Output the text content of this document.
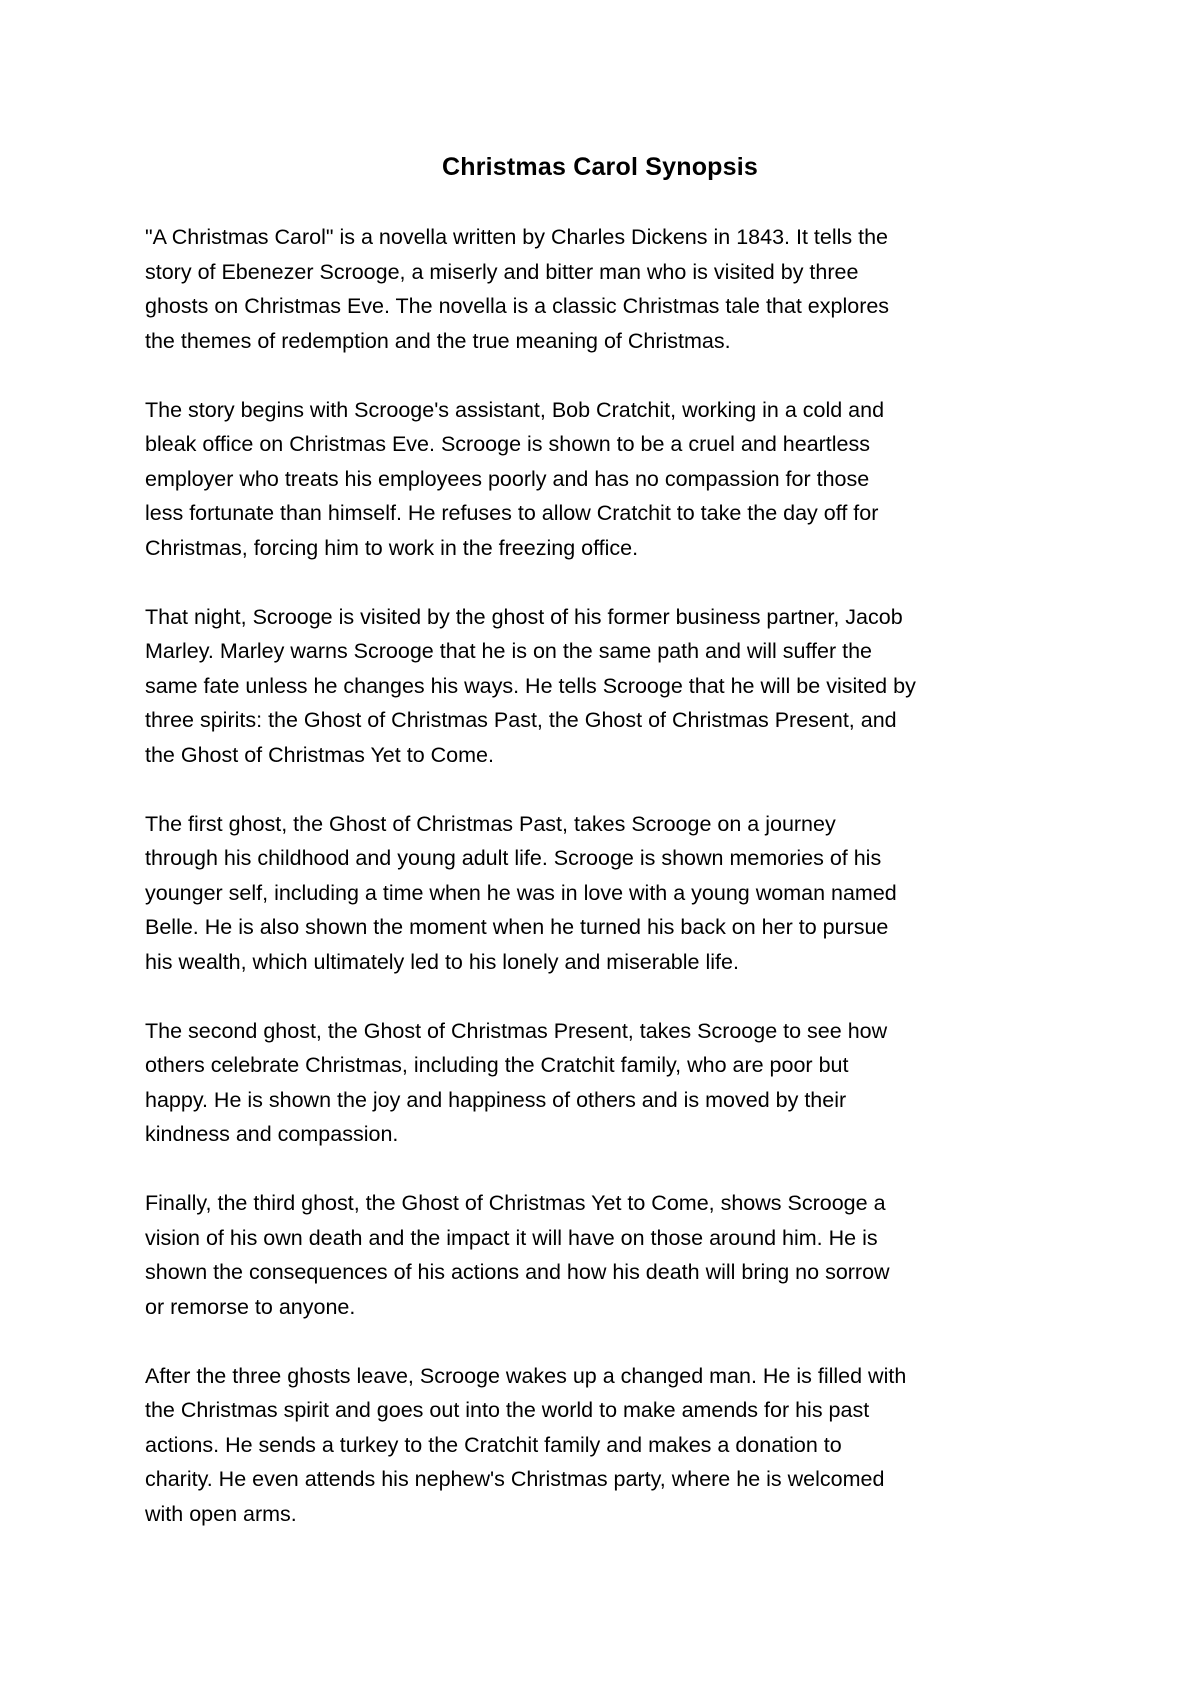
Christmas Carol Synopsis

"A Christmas Carol" is a novella written by Charles Dickens in 1843. It tells the
story of Ebenezer Scrooge, a miserly and bitter man who is visited by three
ghosts on Christmas Eve. The novella is a classic Christmas tale that explores
the themes of redemption and the true meaning of Christmas.

The story begins with Scrooge's assistant, Bob Cratchit, working in a cold and
bleak office on Christmas Eve. Scrooge is shown to be a cruel and heartless
employer who treats his employees poorly and has no compassion for those
less fortunate than himself. He refuses to allow Cratchit to take the day off for
Christmas, forcing him to work in the freezing office.

That night, Scrooge is visited by the ghost of his former business partner, Jacob
Marley. Marley warns Scrooge that he is on the same path and will suffer the
same fate unless he changes his ways. He tells Scrooge that he will be visited by
three spirits: the Ghost of Christmas Past, the Ghost of Christmas Present, and
the Ghost of Christmas Yet to Come.

The first ghost, the Ghost of Christmas Past, takes Scrooge on a journey
through his childhood and young adult life. Scrooge is shown memories of his
younger self, including a time when he was in love with a young woman named
Belle. He is also shown the moment when he turned his back on her to pursue
his wealth, which ultimately led to his lonely and miserable life.

The second ghost, the Ghost of Christmas Present, takes Scrooge to see how
others celebrate Christmas, including the Cratchit family, who are poor but
happy. He is shown the joy and happiness of others and is moved by their
kindness and compassion.

Finally, the third ghost, the Ghost of Christmas Yet to Come, shows Scrooge a
vision of his own death and the impact it will have on those around him. He is
shown the consequences of his actions and how his death will bring no sorrow
or remorse to anyone.

After the three ghosts leave, Scrooge wakes up a changed man. He is filled with
the Christmas spirit and goes out into the world to make amends for his past
actions. He sends a turkey to the Cratchit family and makes a donation to
charity. He even attends his nephew's Christmas party, where he is welcomed
with open arms.
